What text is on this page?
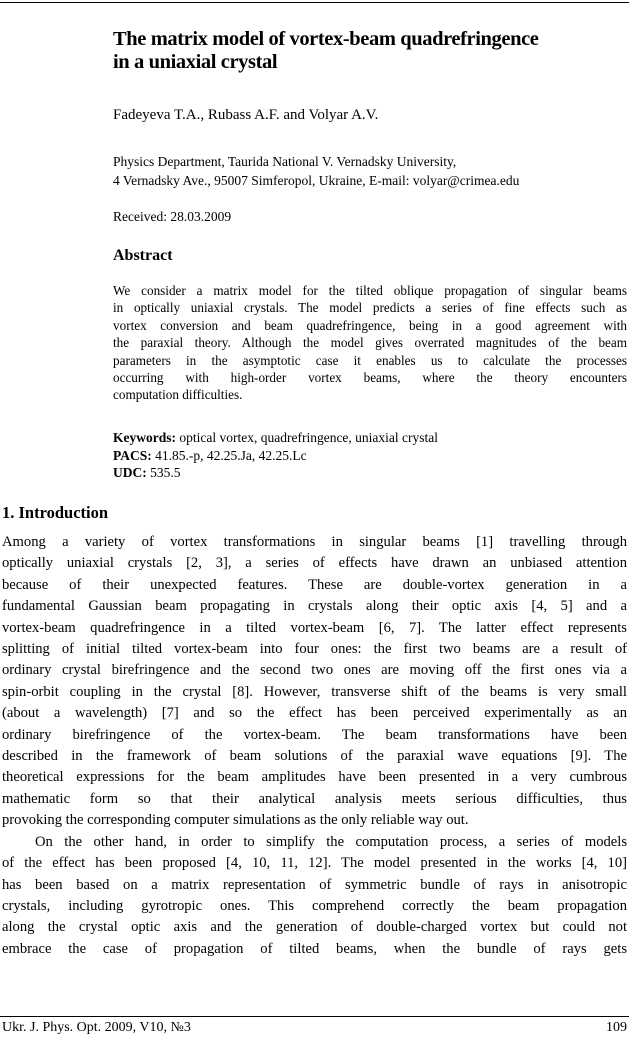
The matrix model of vortex-beam quadrefringence
in a uniaxial crystal
Fadeyeva T.A., Rubass A.F. and Volyar A.V.
Physics Department, Taurida National V. Vernadsky University,
4 Vernadsky Ave., 95007 Simferopol, Ukraine, E-mail: volyar@crimea.edu
Received: 28.03.2009
Abstract
We consider a matrix model for the tilted oblique propagation of singular beams
in optically uniaxial crystals. The model predicts a series of fine effects such as
vortex conversion and beam quadrefringence, being in a good agreement with
the paraxial theory. Although the model gives overrated magnitudes of the beam
parameters in the asymptotic case it enables us to calculate the processes
occurring with high-order vortex beams, where the theory encounters
computation difficulties.
Keywords: optical vortex, quadrefringence, uniaxial crystal
PACS: 41.85.-p, 42.25.Ja, 42.25.Lc
UDC: 535.5
1. Introduction
Among a variety of vortex transformations in singular beams [1] travelling through
optically uniaxial crystals [2, 3], a series of effects have drawn an unbiased attention
because of their unexpected features. These are double-vortex generation in a
fundamental Gaussian beam propagating in crystals along their optic axis [4, 5] and a
vortex-beam quadrefringence in a tilted vortex-beam [6, 7]. The latter effect represents
splitting of initial tilted vortex-beam into four ones: the first two beams are a result of
ordinary crystal birefringence and the second two ones are moving off the first ones via a
spin-orbit coupling in the crystal [8]. However, transverse shift of the beams is very small
(about a wavelength) [7] and so the effect has been perceived experimentally as an
ordinary birefringence of the vortex-beam. The beam transformations have been
described in the framework of beam solutions of the paraxial wave equations [9]. The
theoretical expressions for the beam amplitudes have been presented in a very cumbrous
mathematic form so that their analytical analysis meets serious difficulties, thus
provoking the corresponding computer simulations as the only reliable way out.
On the other hand, in order to simplify the computation process, a series of models
of the effect has been proposed [4, 10, 11, 12]. The model presented in the works [4, 10]
has been based on a matrix representation of symmetric bundle of rays in anisotropic
crystals, including gyrotropic ones. This comprehend correctly the beam propagation
along the crystal optic axis and the generation of double-charged vortex but could not
embrace the case of propagation of tilted beams, when the bundle of rays gets
Ukr. J. Phys. Opt. 2009, V10, №3	109
